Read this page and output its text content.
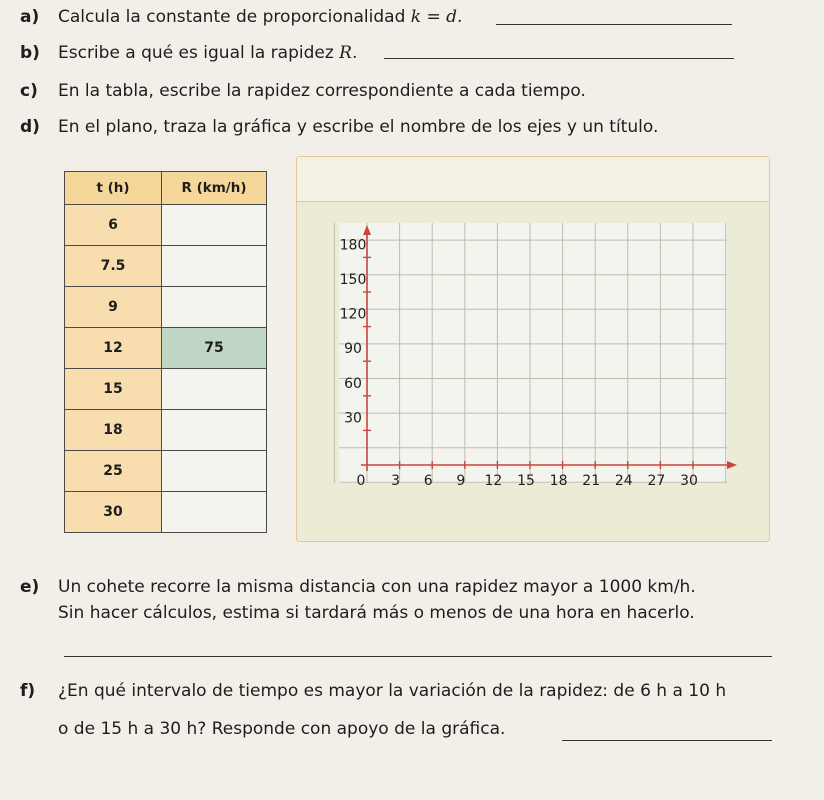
a) Calcula la constante de proporcionalidad k = d.
b) Escribe a qué es igual la rapidez R.
c) En la tabla, escribe la rapidez correspondiente a cada tiempo.
d) En el plano, traza la gráfica y escribe el nombre de los ejes y un título.
t (h)	R (km/h)
6	
7.5	
9	
12	75
15	
18	
25	
30	
0 3 6 9 12 15 18 21 24 27 30
30
60
90
120
150
180
e) Un cohete recorre la misma distancia con una rapidez mayor a 1000 km/h.
Sin hacer cálculos, estima si tardará más o menos de una hora en hacerlo.
f) ¿En qué intervalo de tiempo es mayor la variación de la rapidez: de 6 h a 10 h
o de 15 h a 30 h? Responde con apoyo de la gráfica.
